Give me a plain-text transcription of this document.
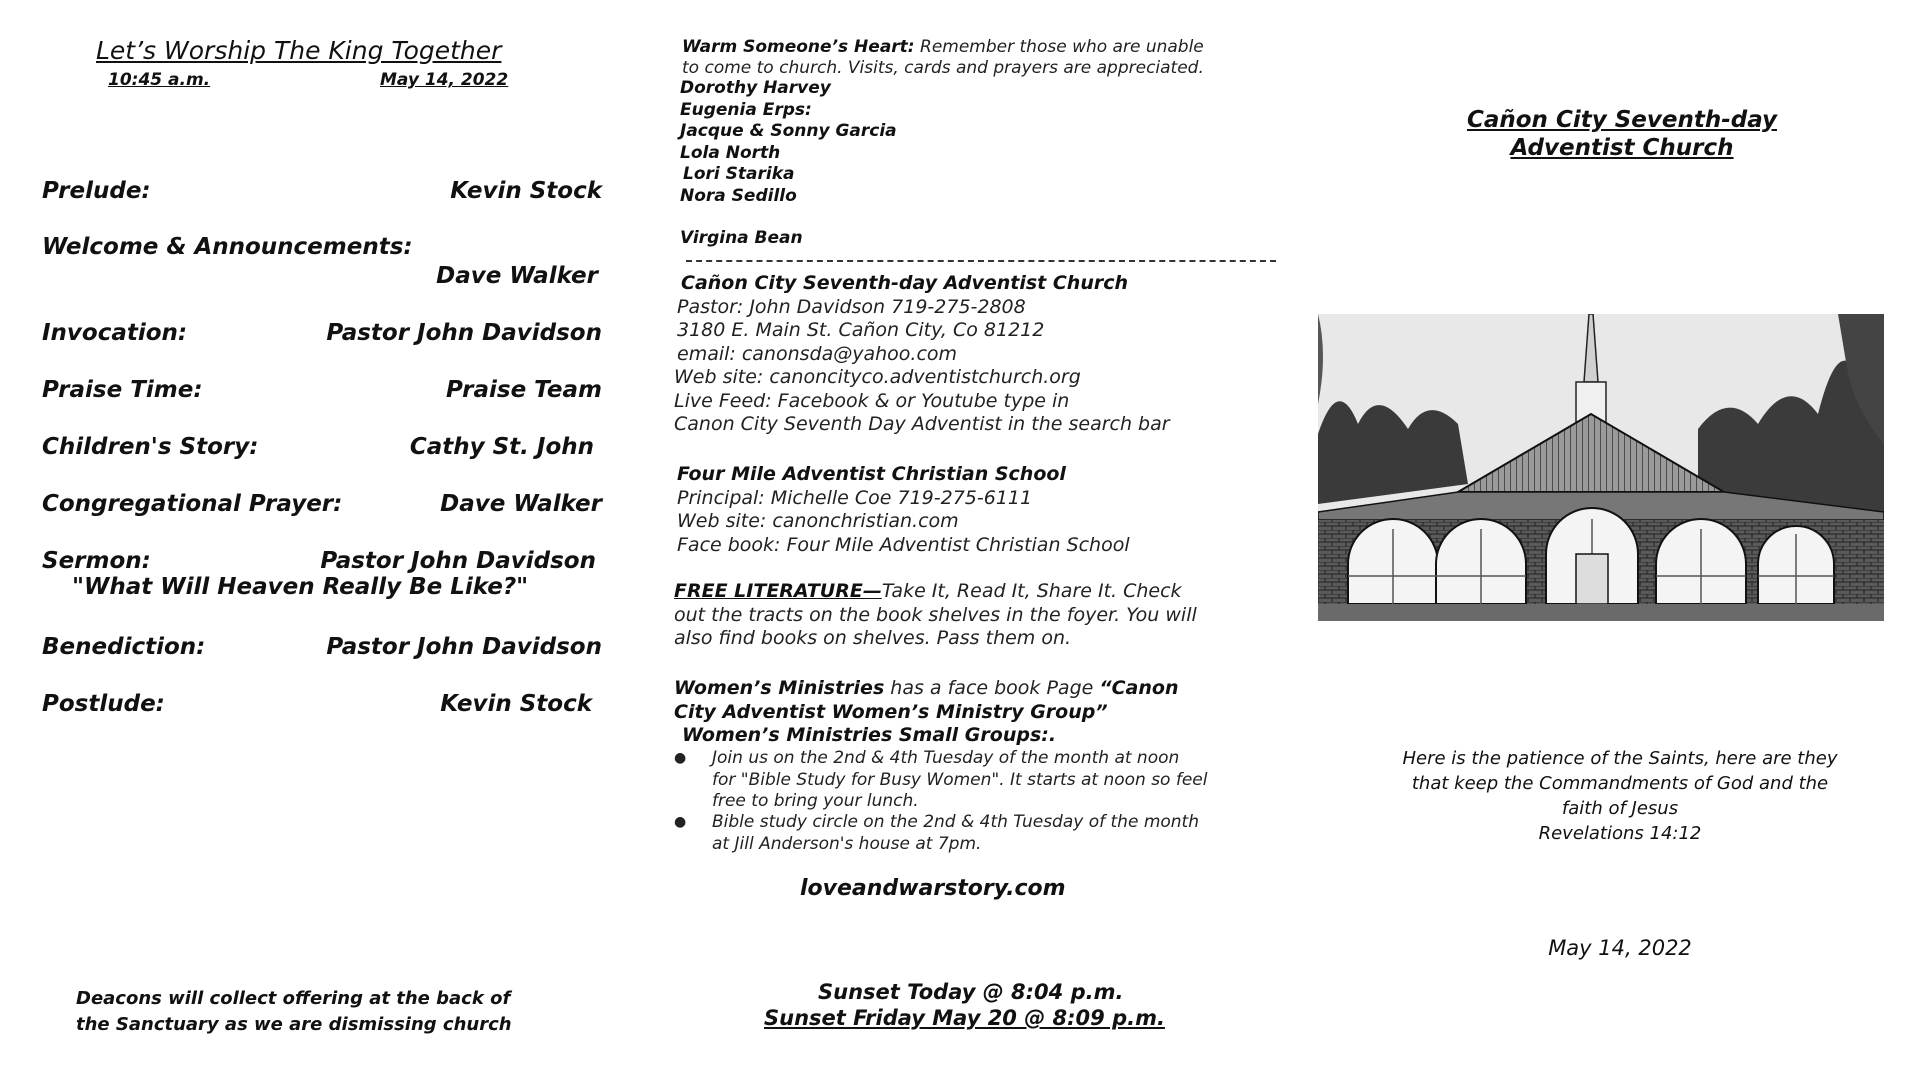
Let’s Worship The King Together
10:45 a.m.	May 14, 2022
Prelude:	Kevin Stock
Welcome & Announcements:
Dave Walker
Invocation:	Pastor John Davidson
Praise Time:	Praise Team
Children's Story:	Cathy St. John
Congregational Prayer:	Dave Walker
Sermon:	Pastor John Davidson
"What Will Heaven Really Be Like?"
Benediction:	Pastor John Davidson
Postlude:	Kevin Stock
Deacons will collect offering at the back of
the Sanctuary as we are dismissing church
Warm Someone’s Heart: Remember those who are unable
to come to church. Visits, cards and prayers are appreciated.
Dorothy Harvey
Eugenia Erps:
Jacque & Sonny Garcia
Lola North
Lori Starika
Nora Sedillo
Virgina Bean
Cañon City Seventh-day Adventist Church
Pastor: John Davidson 719-275-2808
3180 E. Main St. Cañon City, Co 81212
email: canonsda@yahoo.com
Web site: canoncityco.adventistchurch.org
Live Feed: Facebook & or Youtube type in
Canon City Seventh Day Adventist in the search bar
Four Mile Adventist Christian School
Principal: Michelle Coe 719-275-6111
Web site: canonchristian.com
Face book: Four Mile Adventist Christian School
FREE LITERATURE—Take It, Read It, Share It. Check
out the tracts on the book shelves in the foyer. You will
also find books on shelves. Pass them on.
Women’s Ministries has a face book Page “Canon
City Adventist Women’s Ministry Group”
Women’s Ministries Small Groups:.
● Join us on the 2nd & 4th Tuesday of the month at noon
for "Bible Study for Busy Women". It starts at noon so feel
free to bring your lunch.
● Bible study circle on the 2nd & 4th Tuesday of the month
at Jill Anderson's house at 7pm.
loveandwarstory.com
Sunset Today @ 8:04 p.m.
Sunset Friday May 20 @ 8:09 p.m.
Cañon City Seventh-day
Adventist Church
Here is the patience of the Saints, here are they
that keep the Commandments of God and the
faith of Jesus
Revelations 14:12
May 14, 2022
